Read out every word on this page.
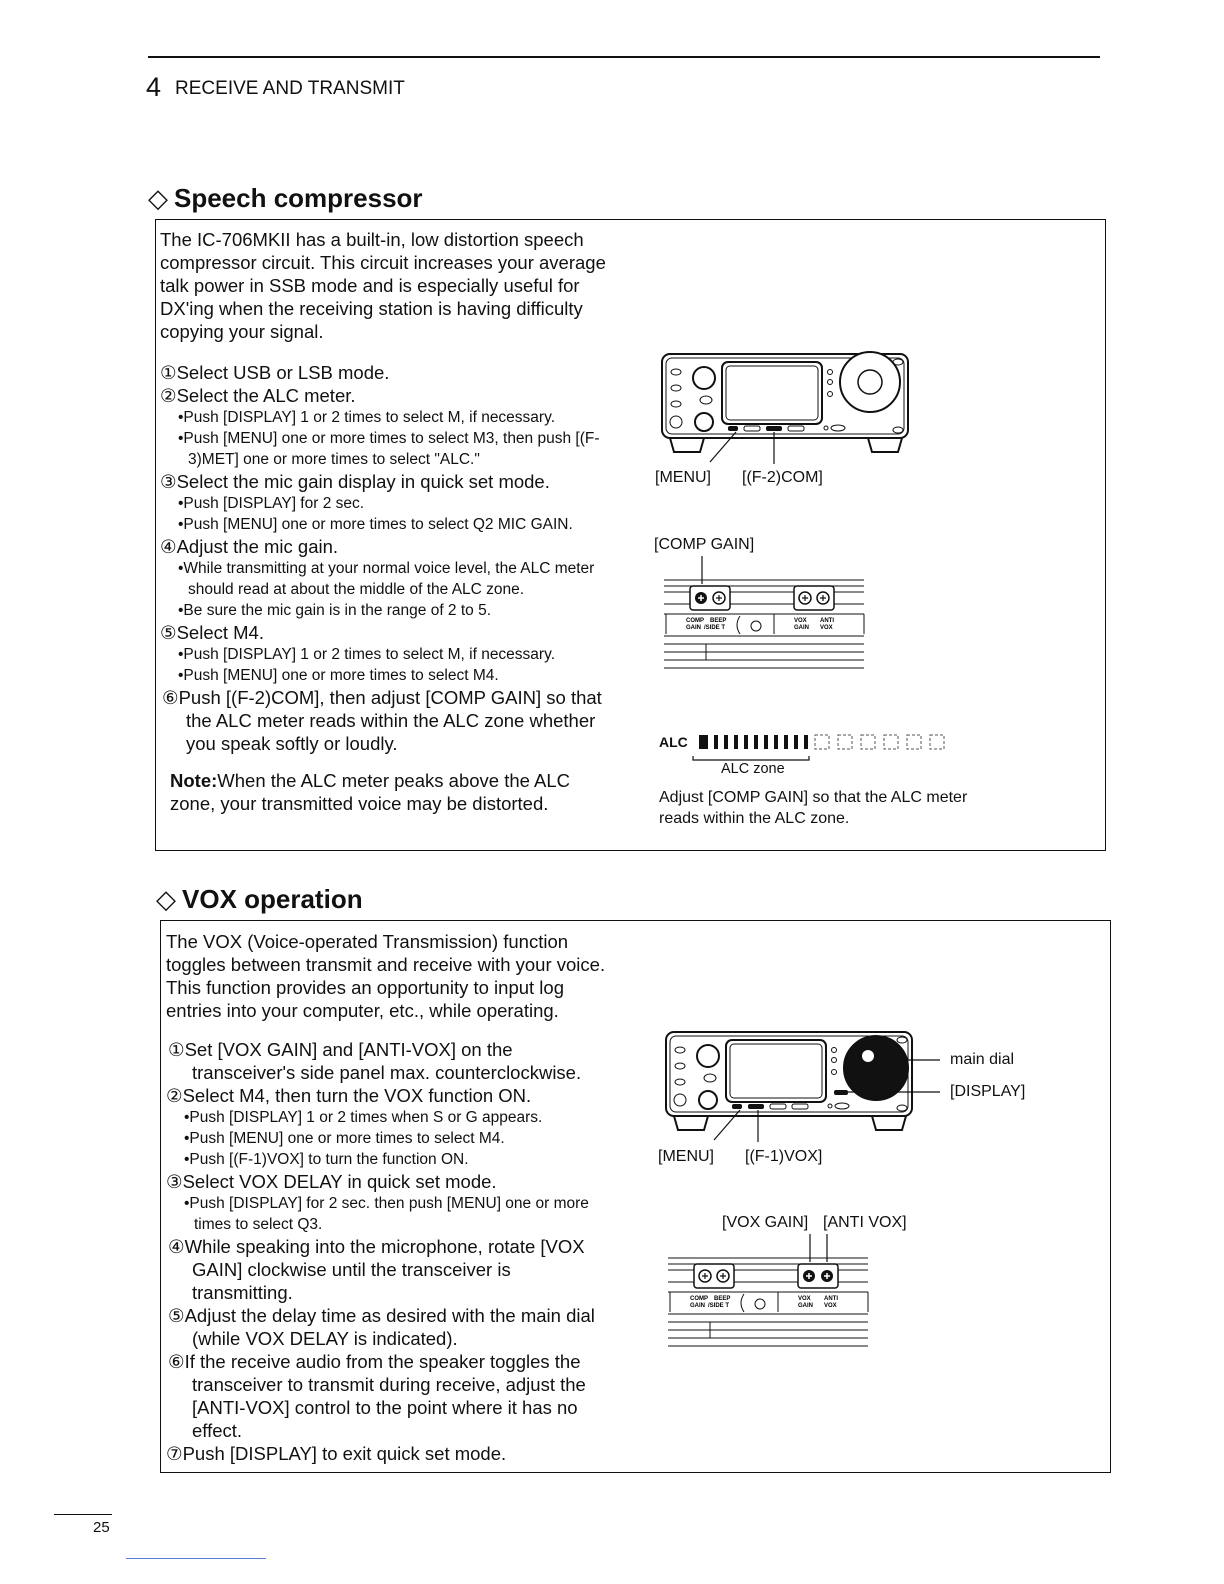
4 RECEIVE AND TRANSMIT
◇ Speech compressor

The IC-706MKII has a built-in, low distortion speech compressor circuit. This circuit increases your average talk power in SSB mode and is especially useful for DX'ing when the receiving station is having difficulty copying your signal.

①Select USB or LSB mode.

②Select the ALC meter.

•Push [DISPLAY] 1 or 2 times to select M, if necessary.

•Push [MENU] one or more times to select M3, then push [(F-3)MET] one or more times to select "ALC."

③Select the mic gain display in quick set mode.

•Push [DISPLAY] for 2 sec.

•Push [MENU] one or more times to select Q2 MIC GAIN.

④Adjust the mic gain.

•While transmitting at your normal voice level, the ALC meter should read at about the middle of the ALC zone.

•Be sure the mic gain is in the range of 2 to 5.

⑤Select M4.

•Push [DISPLAY] 1 or 2 times to select M, if necessary.

•Push [MENU] one or more times to select M4.

⑥Push [(F-2)COM], then adjust [COMP GAIN] so that the ALC meter reads within the ALC zone whether you speak softly or loudly.

Note:When the ALC meter peaks above the ALC zone, your transmitted voice may be distorted.

[MENU] [(F-2)COM]
[COMP GAIN]
COMP
GAIN
BEEP
/SIDE T
VOX
GAIN
ANTI
VOX
ALC
ALC zone
Adjust [COMP GAIN] so that the ALC meter reads within the ALC zone.
◇ VOX operation

The VOX (Voice-operated Transmission) function toggles between transmit and receive with your voice. This function provides an opportunity to input log entries into your computer, etc., while operating.

①Set [VOX GAIN] and [ANTI-VOX] on the transceiver's side panel max. counterclockwise.

②Select M4, then turn the VOX function ON.

•Push [DISPLAY] 1 or 2 times when S or G appears.

•Push [MENU] one or more times to select M4.

•Push [(F-1)VOX] to turn the function ON.

③Select VOX DELAY in quick set mode.

•Push [DISPLAY] for 2 sec. then push [MENU] one or more times to select Q3.

④While speaking into the microphone, rotate [VOX GAIN] clockwise until the transceiver is transmitting.

⑤Adjust the delay time as desired with the main dial (while VOX DELAY is indicated).

⑥If the receive audio from the speaker toggles the transceiver to transmit during receive, adjust the [ANTI-VOX] control to the point where it has no effect.

⑦Push [DISPLAY] to exit quick set mode.

main dial
[DISPLAY]
[MENU] [(F-1)VOX]
[VOX GAIN] [ANTI VOX]
COMP
GAIN
BEEP
/SIDE T
VOX
GAIN
ANTI
VOX
25
